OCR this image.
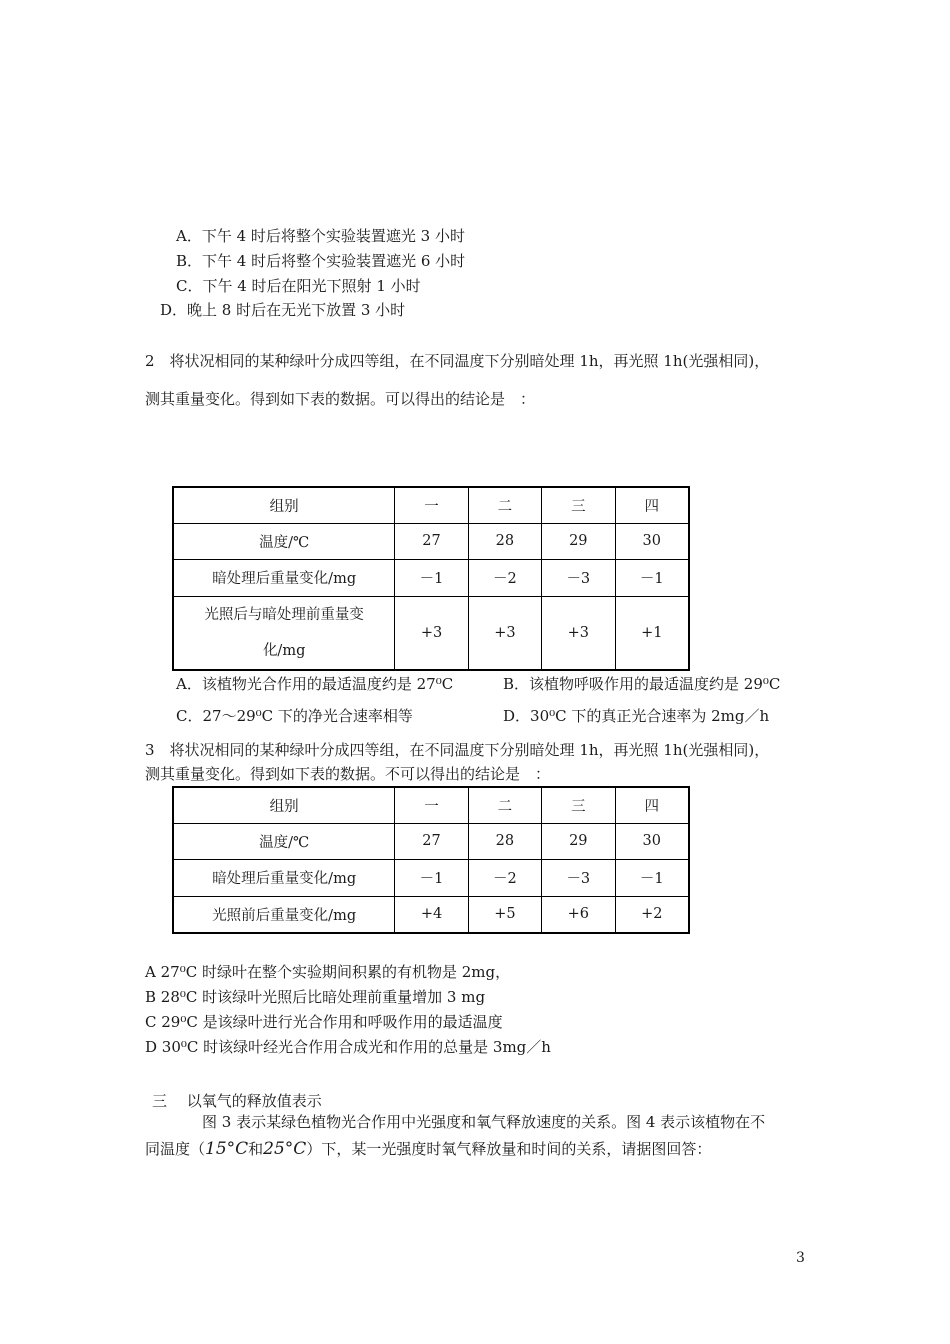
A．下午 4 时后将整个实验装置遮光 3 小时
B．下午 4 时后将整个实验装置遮光 6 小时
C．下午 4 时后在阳光下照射 1 小时
D．晚上 8 时后在无光下放置 3 小时
2　将状况相同的某种绿叶分成四等组，在不同温度下分别暗处理 1h，再光照 1h(光强相同)，
测其重量变化。得到如下表的数据。可以得出的结论是　：
组别	一	二	三	四
温度/℃	27	28	29	30
暗处理后重量变化/mg	－1	－2	－3	－1

光照后与暗处理前重量变
化/mg	+3	+3	+3	+1
A．该植物光合作用的最适温度约是 27⁰C	B．该植物呼吸作用的最适温度约是 29⁰C
C．27～29⁰C 下的净光合速率相等	D．30⁰C 下的真正光合速率为 2mg／h
3　将状况相同的某种绿叶分成四等组，在不同温度下分别暗处理 1h，再光照 1h(光强相同)，
测其重量变化。得到如下表的数据。不可以得出的结论是　：
组别	一	二	三	四
温度/℃	27	28	29	30
暗处理后重量变化/mg	－1	－2	－3	－1
光照前后重量变化/mg	+4	+5	+6	+2
A 27⁰C 时绿叶在整个实验期间积累的有机物是 2mg，
B 28⁰C 时该绿叶光照后比暗处理前重量增加 3 mg
C 29⁰C 是该绿叶进行光合作用和呼吸作用的最适温度
D 30⁰C 时该绿叶经光合作用合成光和作用的总量是 3mg／h
三　 以氧气的释放值表示
图 3 表示某绿色植物光合作用中光强度和氧气释放速度的关系。图 4 表示该植物在不
同温度（15°C和25°C）下，某一光强度时氧气释放量和时间的关系，请据图回答：
3
